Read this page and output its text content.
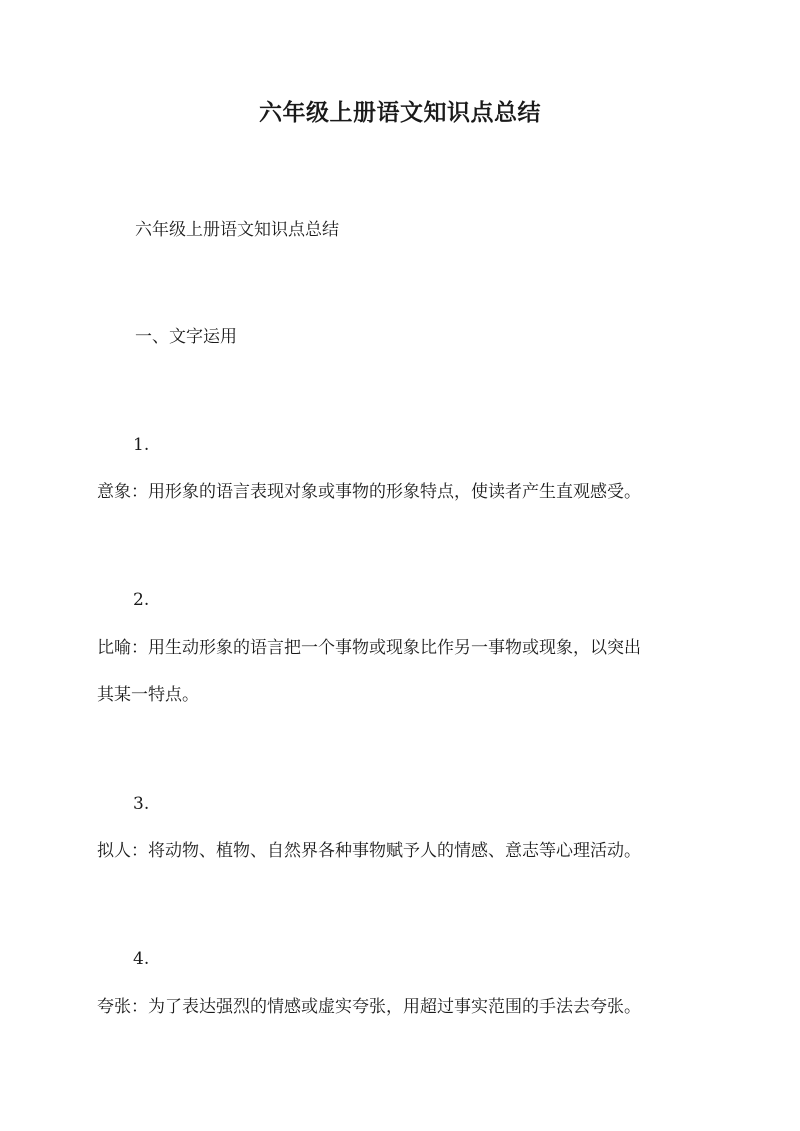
六年级上册语文知识点总结
六年级上册语文知识点总结
一、文字运用
1.
意象：用形象的语言表现对象或事物的形象特点，使读者产生直观感受。
2.
比喻：用生动形象的语言把一个事物或现象比作另一事物或现象，以突出
其某一特点。
3.
拟人：将动物、植物、自然界各种事物赋予人的情感、意志等心理活动。
4.
夸张：为了表达强烈的情感或虚实夸张，用超过事实范围的手法去夸张。
